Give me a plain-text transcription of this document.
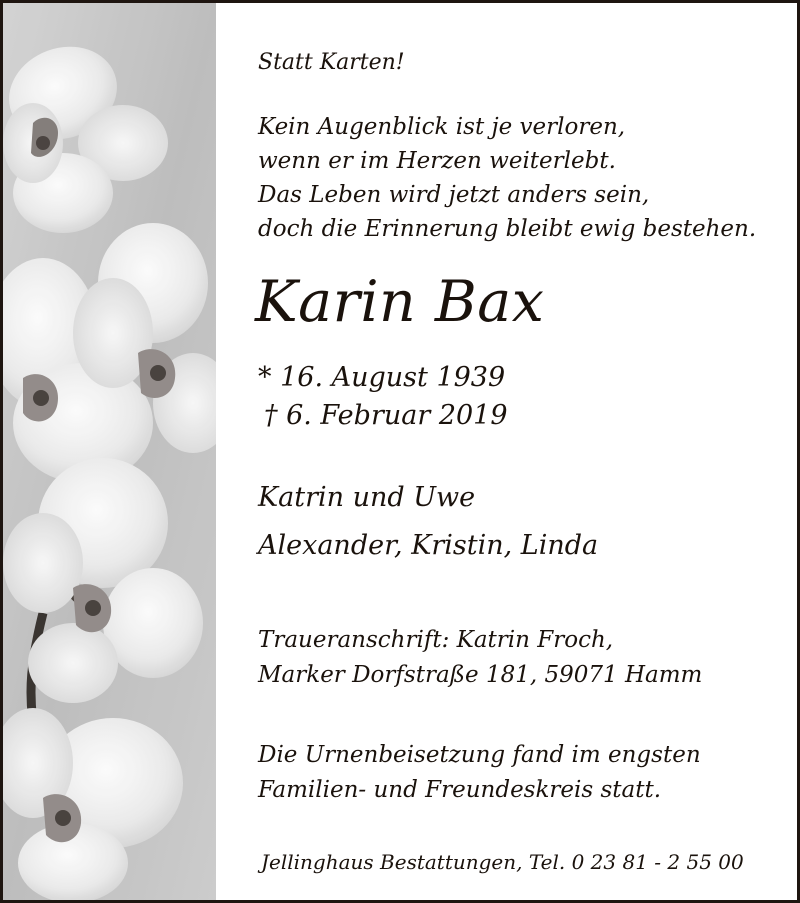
Statt Karten!
Kein Augenblick ist je verloren,
wenn er im Herzen weiterlebt.
Das Leben wird jetzt anders sein,
doch die Erinnerung bleibt ewig bestehen.
Karin Bax
* 16. August 1939
† 6. Februar 2019
Katrin und Uwe
Alexander, Kristin, Linda
Traueranschrift: Katrin Froch,
Marker Dorfstraße 181, 59071 Hamm
Die Urnenbeisetzung fand im engsten
Familien- und Freundeskreis statt.
Jellinghaus Bestattungen, Tel. 0 23 81 - 2 55 00
